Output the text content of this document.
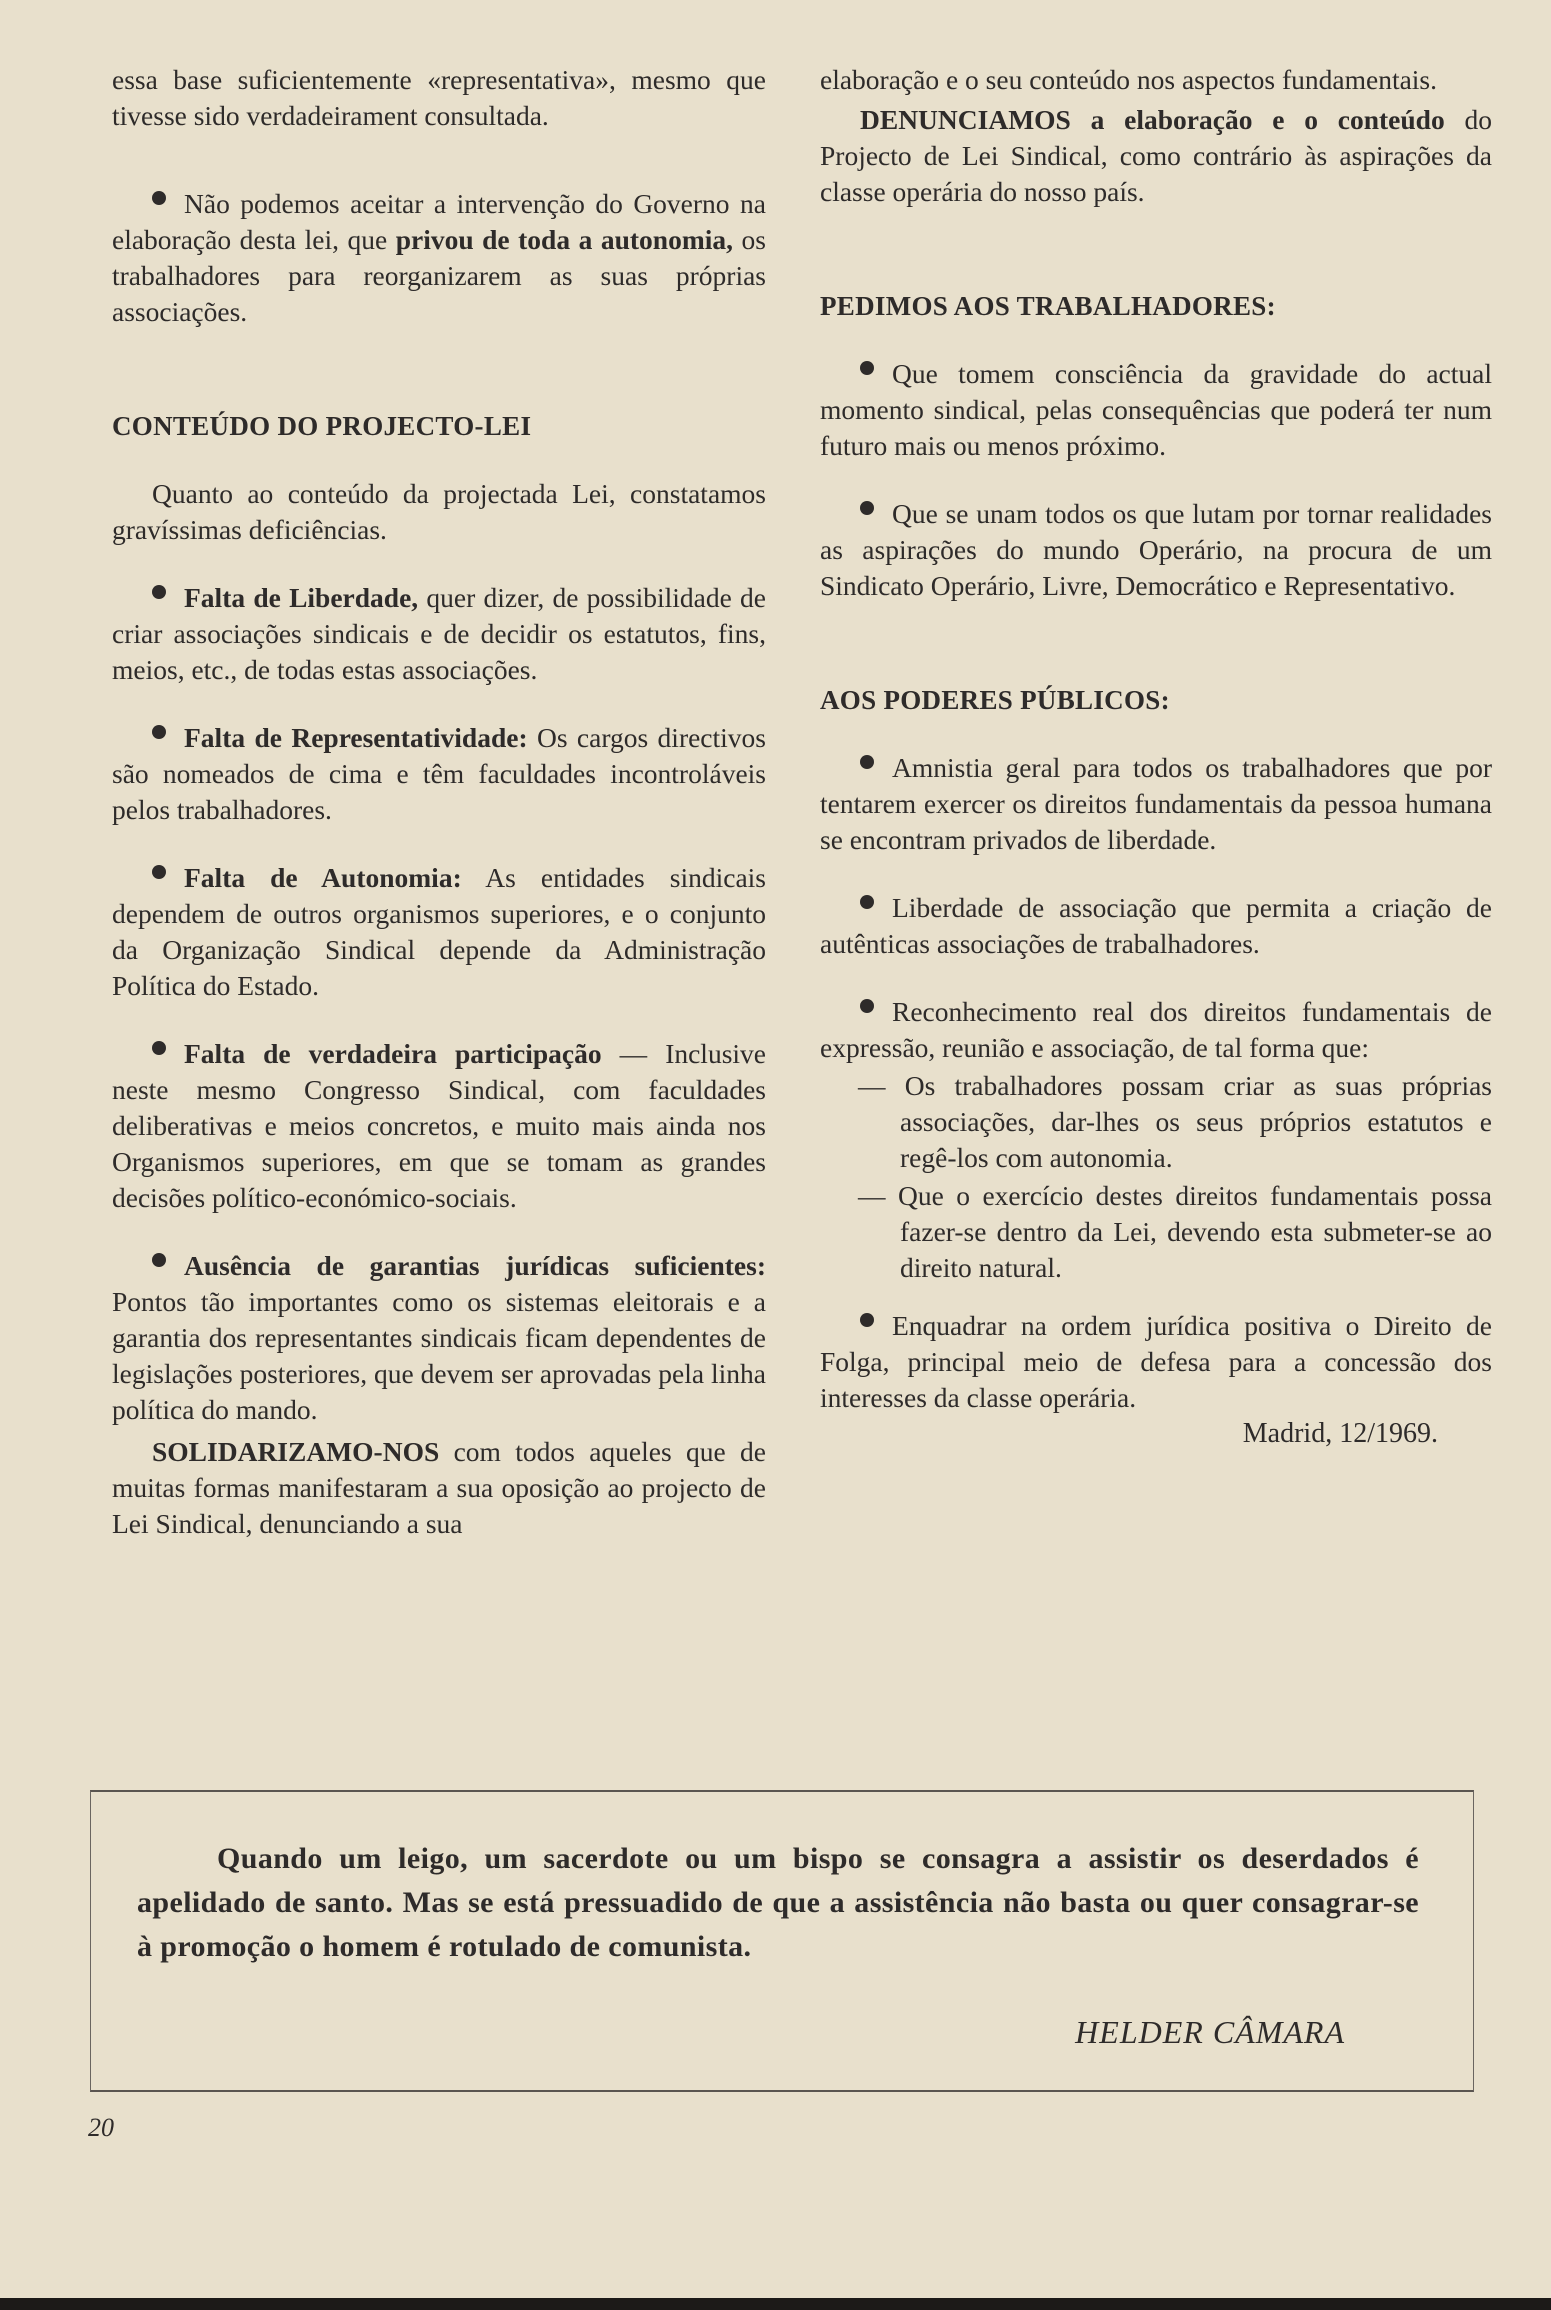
essa base suficientemente «representativa», mesmo que tivesse sido verdadeirament consultada.

Não podemos aceitar a intervenção do Governo na elaboração desta lei, que privou de toda a autonomia, os trabalhadores para reorganizarem as suas próprias associações.

CONTEÚDO DO PROJECTO-LEI

Quanto ao conteúdo da projectada Lei, constatamos gravíssimas deficiências.

Falta de Liberdade, quer dizer, de possibilidade de criar associações sindicais e de decidir os estatutos, fins, meios, etc., de todas estas associações.

Falta de Representatividade: Os cargos directivos são nomeados de cima e têm faculdades incontroláveis pelos trabalhadores.

Falta de Autonomia: As entidades sindicais dependem de outros organismos superiores, e o conjunto da Organização Sindical depende da Administração Política do Estado.

Falta de verdadeira participação — Inclusive neste mesmo Congresso Sindical, com faculdades deliberativas e meios concretos, e muito mais ainda nos Organismos superiores, em que se tomam as grandes decisões político-económico-sociais.

Ausência de garantias jurídicas suficientes: Pontos tão importantes como os sistemas eleitorais e a garantia dos representantes sindicais ficam dependentes de legislações posteriores, que devem ser aprovadas pela linha política do mando.

SOLIDARIZAMO-NOS com todos aqueles que de muitas formas manifestaram a sua oposição ao projecto de Lei Sindical, denunciando a sua

elaboração e o seu conteúdo nos aspectos fundamentais.

DENUNCIAMOS a elaboração e o conteúdo do Projecto de Lei Sindical, como contrário às aspirações da classe operária do nosso país.

PEDIMOS AOS TRABALHADORES:

Que tomem consciência da gravidade do actual momento sindical, pelas consequências que poderá ter num futuro mais ou menos próximo.

Que se unam todos os que lutam por tornar realidades as aspirações do mundo Operário, na procura de um Sindicato Operário, Livre, Democrático e Representativo.

AOS PODERES PÚBLICOS:

Amnistia geral para todos os trabalhadores que por tentarem exercer os direitos fundamentais da pessoa humana se encontram privados de liberdade.

Liberdade de associação que permita a criação de autênticas associações de trabalhadores.

Reconhecimento real dos direitos fundamentais de expressão, reunião e associação, de tal forma que:

— Os trabalhadores possam criar as suas próprias associações, dar-lhes os seus próprios estatutos e regê-los com autonomia.

— Que o exercício destes direitos fundamentais possa fazer-se dentro da Lei, devendo esta submeter-se ao direito natural.

Enquadrar na ordem jurídica positiva o Direito de Folga, principal meio de defesa para a concessão dos interesses da classe operária.

Madrid, 12/1969.

Quando um leigo, um sacerdote ou um bispo se consagra a assistir os deserdados é apelidado de santo. Mas se está pressuadido de que a assistência não basta ou quer consagrar-se à promoção o homem é rotulado de comunista.

HELDER CÂMARA
20
